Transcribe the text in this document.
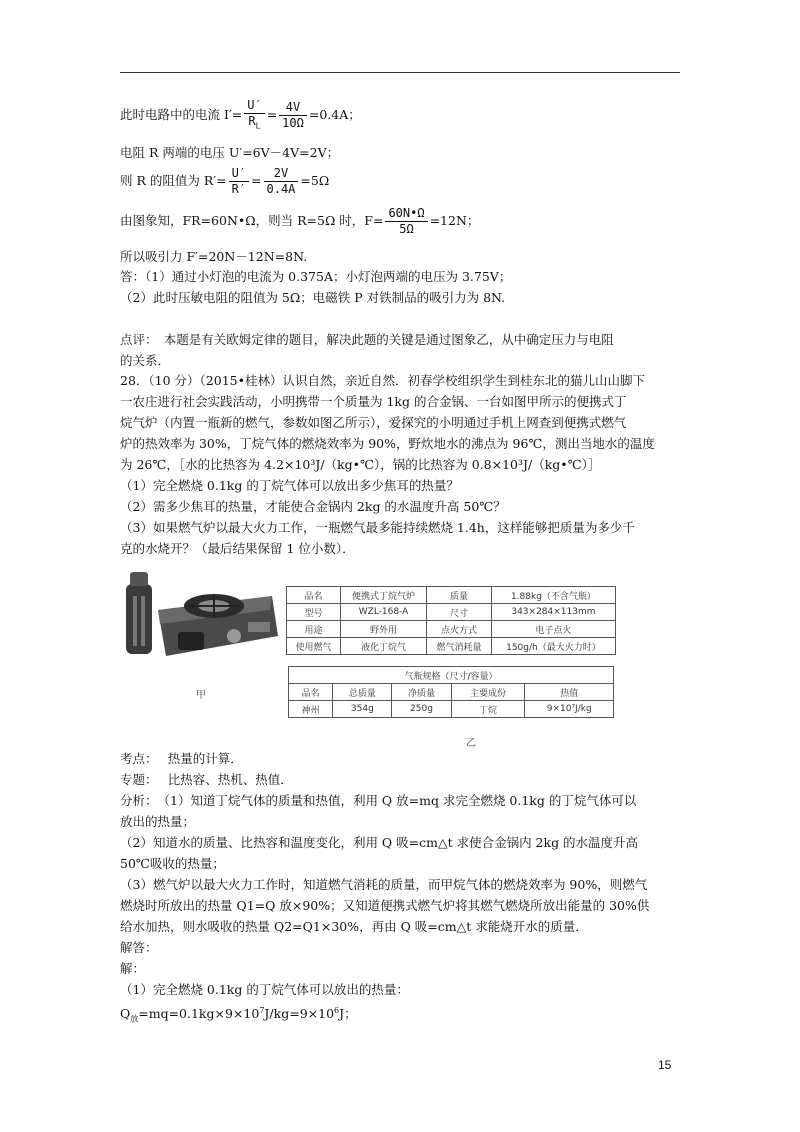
此时电路中的电流 $I'= \frac{U'}{R_L} = \frac{4V}{10\Omega} =0.4A$；
电阻 R 两端的电压 U′=6V－4V=2V；
则 R 的阻值为 $R'= \frac{U'}{R'} = \frac{2V}{0.4A} =5\Omega$
由图象知，FR=60N•Ω，则当 R=5Ω 时，$F= \frac{60N•\Omega}{5\Omega} =12N$；
所以吸引力 F′=20N－12N=8N.
答：（1）通过小灯泡的电流为 0.375A；小灯泡两端的电压为 3.75V；
（2）此时压敏电阻的阻值为 5Ω；电磁铁 P 对铁制品的吸引力为 8N.
点评：　本题是有关欧姆定律的题目，解决此题的关键是通过图象乙，从中确定压力与电阻
的关系．
28．（10 分）（2015•桂林）认识自然，亲近自然．初春学校组织学生到桂东北的猫儿山山脚下
一农庄进行社会实践活动，小明携带一个质量为 1kg 的合金锅、一台如图甲所示的便携式丁
烷气炉（内置一瓶新的燃气，参数如图乙所示），爱探究的小明通过手机上网查到便携式燃气
炉的热效率为 30%，丁烷气体的燃烧效率为 90%，野炊地水的沸点为 96℃，测出当地水的温度
为 26℃，［水的比热容为 4.2×10³J/（kg•℃），锅的比热容为 0.8×10³J/（kg•℃）］
（1）完全燃烧 0.1kg 的丁烷气体可以放出多少焦耳的热量？
（2）需多少焦耳的热量，才能使合金锅内 2kg 的水温度升高 50℃？
（3）如果燃气炉以最大火力工作，一瓶燃气最多能持续燃烧 1.4h，这样能够把质量为多少千
克的水烧开？（最后结果保留 1 位小数）．
甲
品名	便携式丁烷气炉	质量	1.88kg（不含气瓶）
型号	WZL-168-A	尺寸	343×284×113mm
用途	野外用	点火方式	电子点火
使用燃气	液化丁烷气	燃气消耗量	150g/h（最大火力时）
气瓶规格（尺寸/容量）				
品名	总质量	净质量	主要成份	热值
神州	354g	250g	丁烷	9×10⁷J/kg
乙
考点：　 热量的计算．
专题：　 比热容、热机、热值．
分析：　（1）知道丁烷气体的质量和热值，利用 Q 放=mq 求完全燃烧 0.1kg 的丁烷气体可以
放出的热量；
（2）知道水的质量、比热容和温度变化，利用 Q 吸=cm△t 求使合金锅内 2kg 的水温度升高
50℃吸收的热量；
（3）燃气炉以最大火力工作时，知道燃气消耗的质量，而甲烷气体的燃烧效率为 90%，则燃气
燃烧时所放出的热量 Q1=Q 放×90%；又知道便携式燃气炉将其燃气燃烧所放出能量的 30%供
给水加热，则水吸收的热量 Q2=Q1×30%，再由 Q 吸=cm△t 求能烧开水的质量．
解答：
解：
（1）完全燃烧 0.1kg 的丁烷气体可以放出的热量：
$Q_放=mq=0.1kg\times 9\times 10^7J/kg=9\times 10^6J$；
15
